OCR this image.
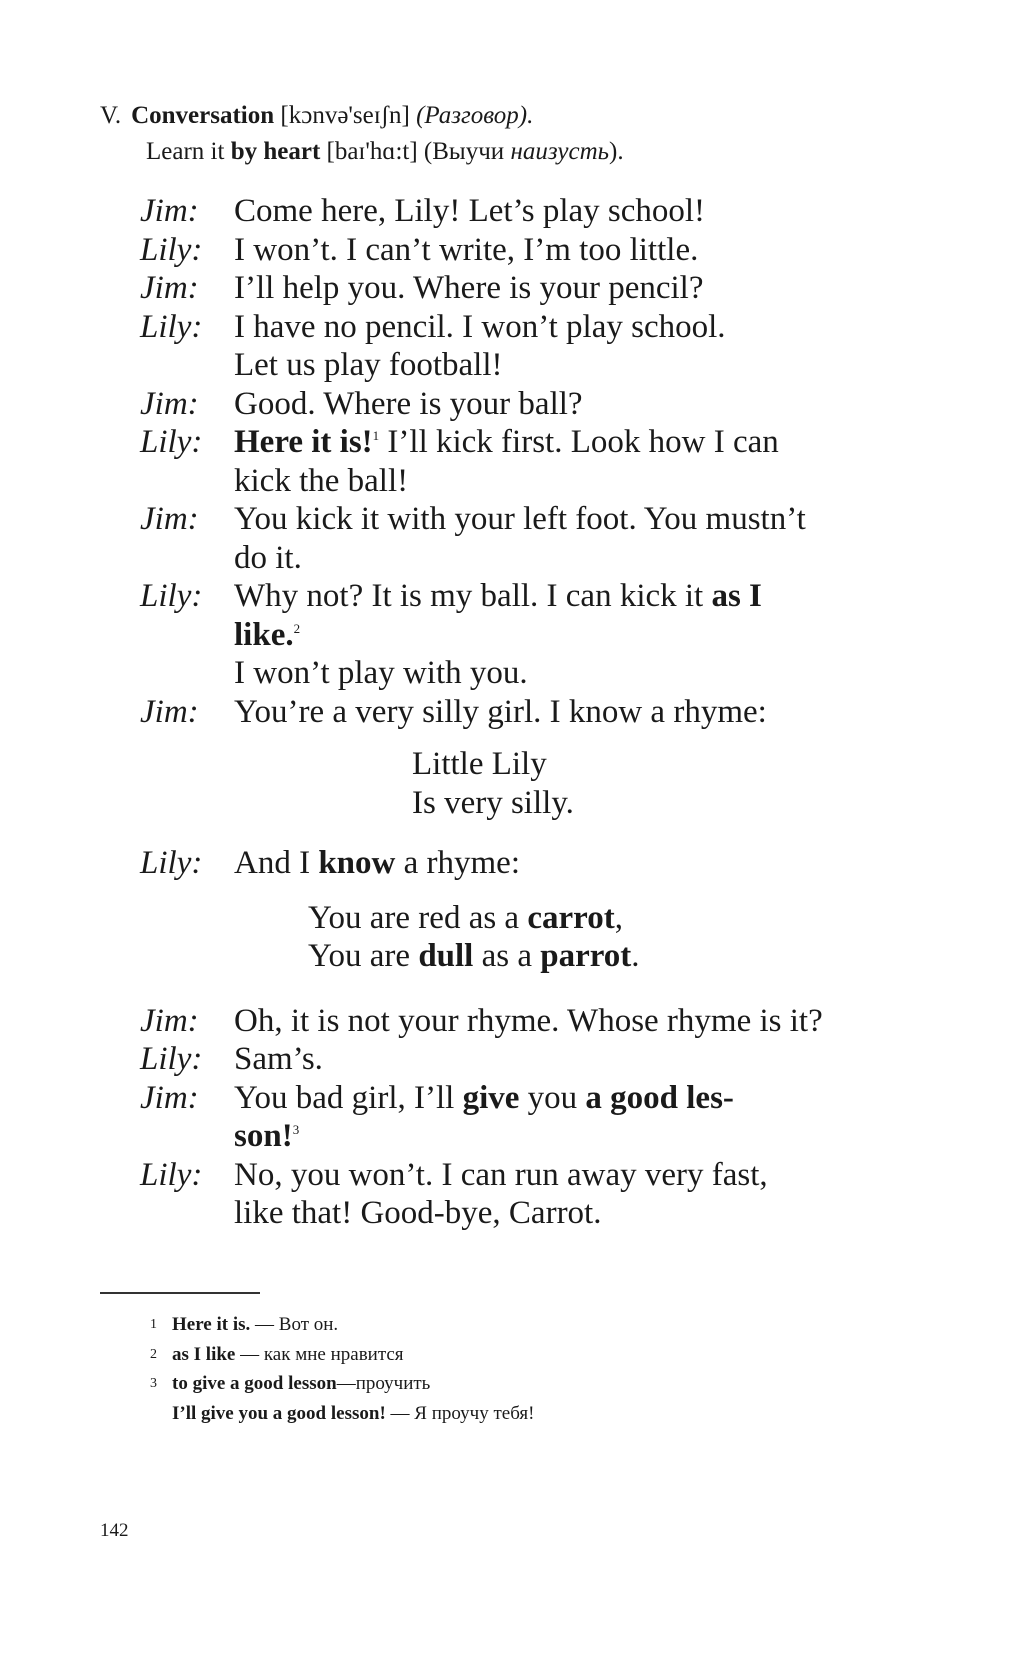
V. Conversation [kɔnvə'seɪʃn] (Разговор).
Learn it by heart [baɪ'hɑ:t] (Выучи наизусть).
Jim:	Come here, Lily! Let’s play school!
Lily: I won’t. I can’t write, I’m too little.
Jim:	I’ll help you. Where is your pencil?
Lily: I have no pencil. I won’t play school.
Let us play football!
Jim:	Good. Where is your ball?
Lily: Here it is!$^1$ I’ll kick first. Look how I can
kick the ball!
Jim:	You kick it with your left foot. You mustn’t
do it.
Lily: Why not? It is my ball. I can kick it as I
like.$^2$
I won’t play with you.
Jim:	You’re a very silly girl. I know a rhyme:
Little Lily
Is very silly.
Lily: And I know a rhyme:
You are red as a carrot,
You are dull as a parrot.
Jim:	Oh, it is not your rhyme. Whose rhyme is it?
Lily: Sam’s.
Jim:	You bad girl, I’ll give you a good les-
son!$^3$
Lily: No, you won’t. I can run away very fast,
like that! Good-bye, Carrot.
1 Here it is. — Вот он.
2 as I like — как мне нравится
3 to give a good lesson—проучить
I’ll give you a good lesson! — Я проучу тебя!
142
